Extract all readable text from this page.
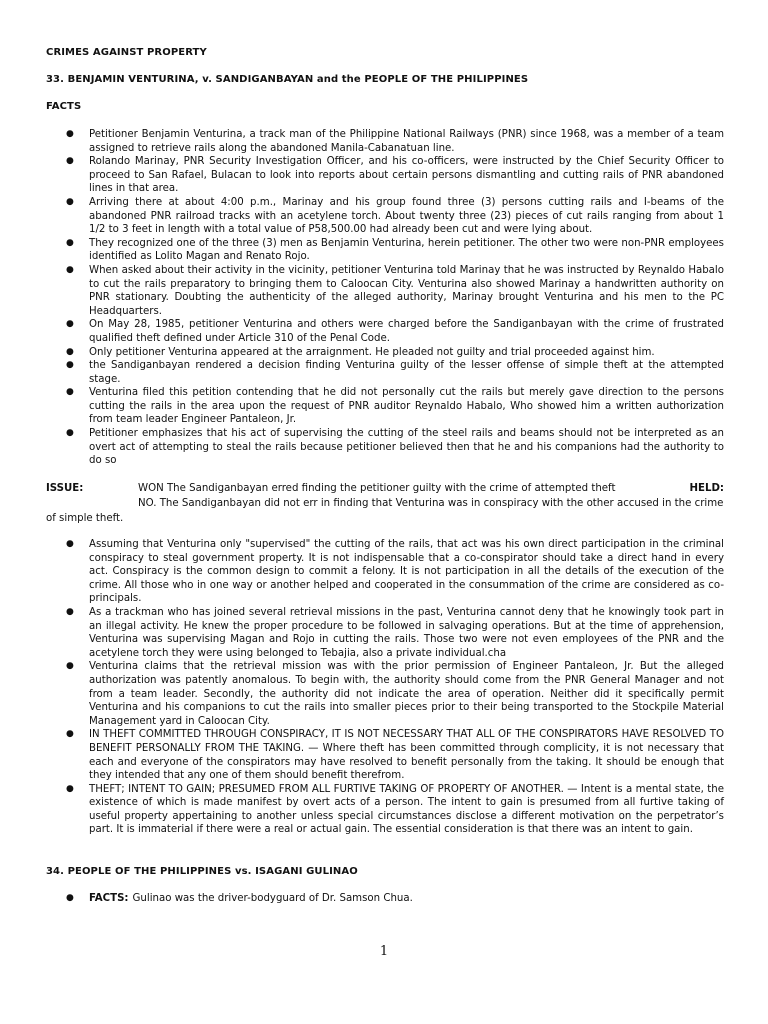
CRIMES AGAINST PROPERTY
33. BENJAMIN VENTURINA, v. SANDIGANBAYAN and the PEOPLE OF THE PHILIPPINES
FACTS
● Petitioner Benjamin Venturina, a track man of the Philippine National Railways (PNR) since 1968, was a member of a team assigned to retrieve rails along the abandoned Manila-Cabanatuan line.
● Rolando Marinay, PNR Security Investigation Officer, and his co-officers, were instructed by the Chief Security Officer to proceed to San Rafael, Bulacan to look into reports about certain persons dismantling and cutting rails of PNR abandoned lines in that area.
● Arriving there at about 4:00 p.m., Marinay and his group found three (3) persons cutting rails and I-beams of the abandoned PNR railroad tracks with an acetylene torch. About twenty three (23) pieces of cut rails ranging from about 1 1/2 to 3 feet in length with a total value of P58,500.00 had already been cut and were lying about.
● They recognized one of the three (3) men as Benjamin Venturina, herein petitioner. The other two were non-PNR employees identified as Lolito Magan and Renato Rojo.
● When asked about their activity in the vicinity, petitioner Venturina told Marinay that he was instructed by Reynaldo Habalo to cut the rails preparatory to bringing them to Caloocan City. Venturina also showed Marinay a handwritten authority on PNR stationary. Doubting the authenticity of the alleged authority, Marinay brought Venturina and his men to the PC Headquarters.
● On May 28, 1985, petitioner Venturina and others were charged before the Sandiganbayan with the crime of frustrated qualified theft defined under Article 310 of the Penal Code.
● Only petitioner Venturina appeared at the arraignment. He pleaded not guilty and trial proceeded against him.
● the Sandiganbayan rendered a decision finding Venturina guilty of the lesser offense of simple theft at the attempted stage.
● Venturina filed this petition contending that he did not personally cut the rails but merely gave direction to the persons cutting the rails in the area upon the request of PNR auditor Reynaldo Habalo, Who showed him a written authorization from team leader Engineer Pantaleon, Jr.
● Petitioner emphasizes that his act of supervising the cutting of the steel rails and beams should not be interpreted as an overt act of attempting to steal the rails because petitioner believed then that he and his companions had the authority to do so
ISSUE:	WON The Sandiganbayan erred finding the petitioner guilty with the crime of attempted theft	HELD:
NO. The Sandiganbayan did not err in finding that Venturina was in conspiracy with the other accused in the crime
of simple theft.
● Assuming that Venturina only "supervised" the cutting of the rails, that act was his own direct participation in the criminal conspiracy to steal government property. It is not indispensable that a co-conspirator should take a direct hand in every act. Conspiracy is the common design to commit a felony. It is not participation in all the details of the execution of the crime. All those who in one way or another helped and cooperated in the consummation of the crime are considered as co-principals.
● As a trackman who has joined several retrieval missions in the past, Venturina cannot deny that he knowingly took part in an illegal activity. He knew the proper procedure to be followed in salvaging operations. But at the time of apprehension, Venturina was supervising Magan and Rojo in cutting the rails. Those two were not even employees of the PNR and the acetylene torch they were using belonged to Tebajia, also a private individual.cha
● Venturina claims that the retrieval mission was with the prior permission of Engineer Pantaleon, Jr. But the alleged authorization was patently anomalous. To begin with, the authority should come from the PNR General Manager and not from a team leader. Secondly, the authority did not indicate the area of operation. Neither did it specifically permit Venturina and his companions to cut the rails into smaller pieces prior to their being transported to the Stockpile Material Management yard in Caloocan City.
● IN THEFT COMMITTED THROUGH CONSPIRACY, IT IS NOT NECESSARY THAT ALL OF THE CONSPIRATORS HAVE RESOLVED TO BENEFIT PERSONALLY FROM THE TAKING. — Where theft has been committed through complicity, it is not necessary that each and everyone of the conspirators may have resolved to benefit personally from the taking. It should be enough that they intended that any one of them should benefit therefrom.
● THEFT; INTENT TO GAIN; PRESUMED FROM ALL FURTIVE TAKING OF PROPERTY OF ANOTHER. — Intent is a mental state, the existence of which is made manifest by overt acts of a person. The intent to gain is presumed from all furtive taking of useful property appertaining to another unless special circumstances disclose a different motivation on the perpetrator’s part. It is immaterial if there were a real or actual gain. The essential consideration is that there was an intent to gain.
34. PEOPLE OF THE PHILIPPINES vs. ISAGANI GULINAO
● FACTS: Gulinao was the driver-bodyguard of Dr. Samson Chua.
1
